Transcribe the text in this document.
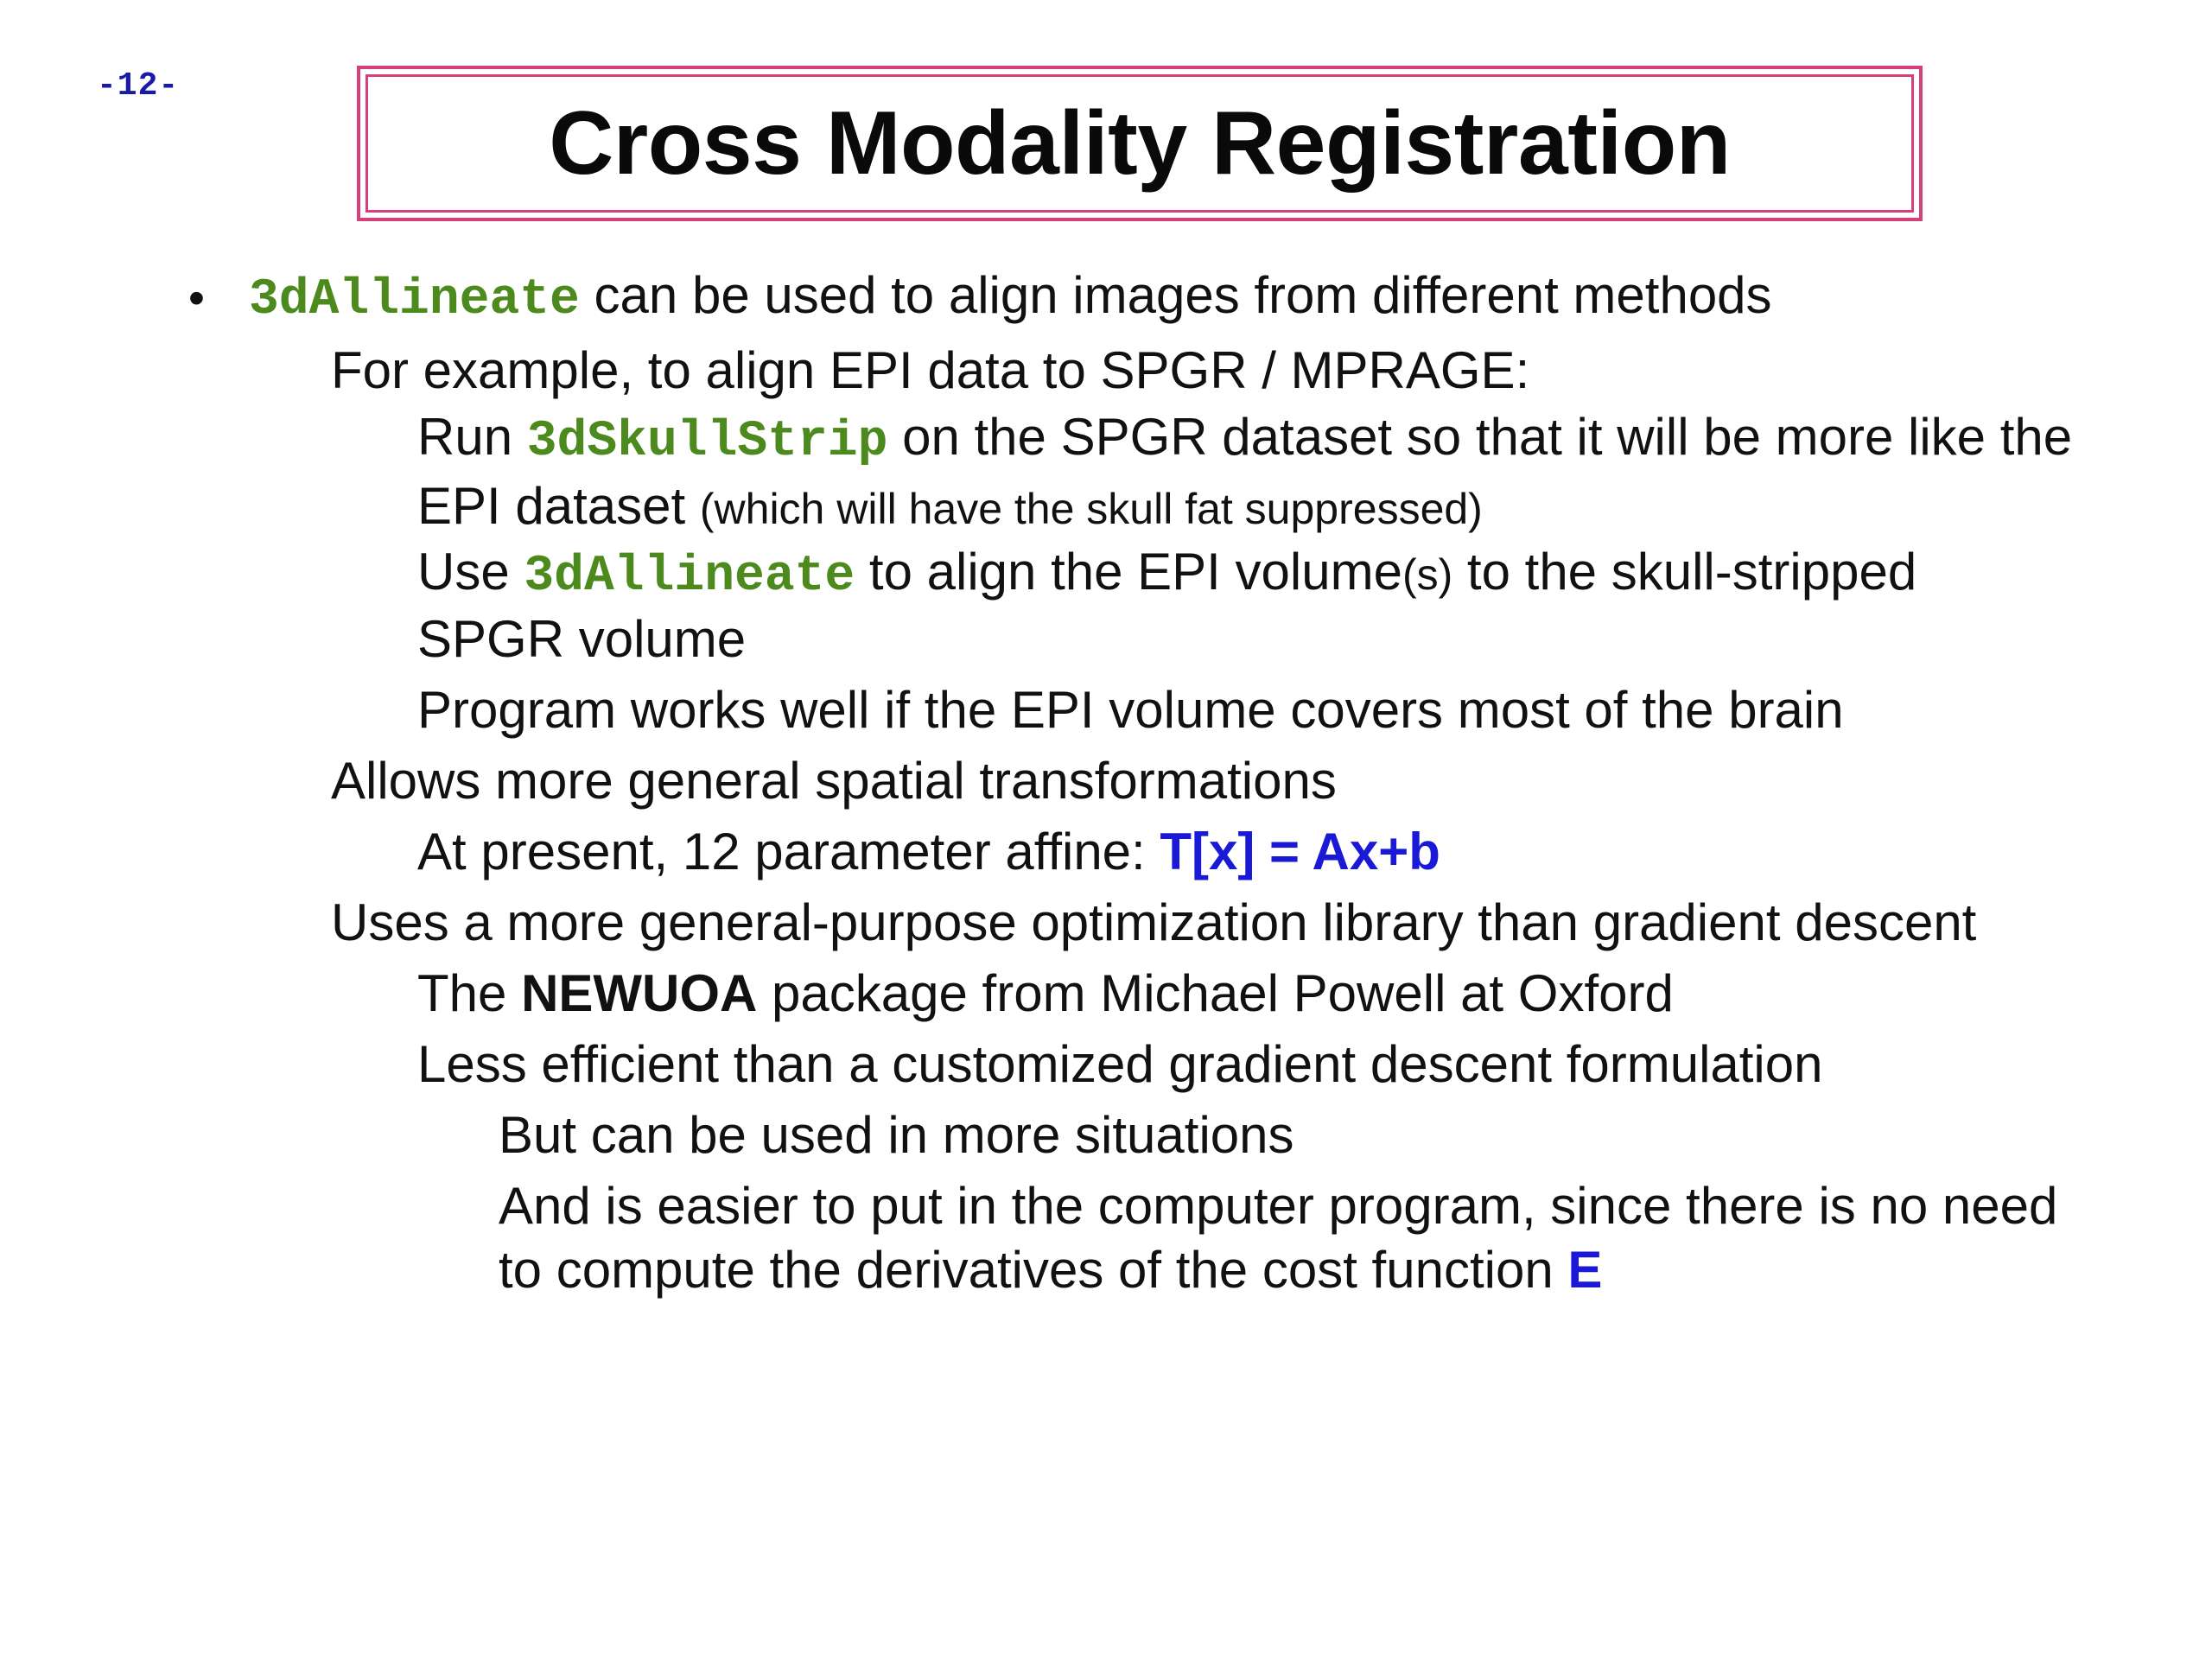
-12-
Cross Modality Registration
• 3dAllineate can be used to align images from different methods
For example, to align EPI data to SPGR / MPRAGE:
Run 3dSkullStrip on the SPGR dataset so that it will be more like the
EPI dataset (which will have the skull fat suppressed)
Use 3dAllineate to align the EPI volume(s) to the skull-stripped
SPGR volume
Program works well if the EPI volume covers most of the brain
Allows more general spatial transformations
At present, 12 parameter affine: T[x] = Ax+b
Uses a more general-purpose optimization library than gradient descent
The NEWUOA package from Michael Powell at Oxford
Less efficient than a customized gradient descent formulation
But can be used in more situations
And is easier to put in the computer program, since there is no need
to compute the derivatives of the cost function E
